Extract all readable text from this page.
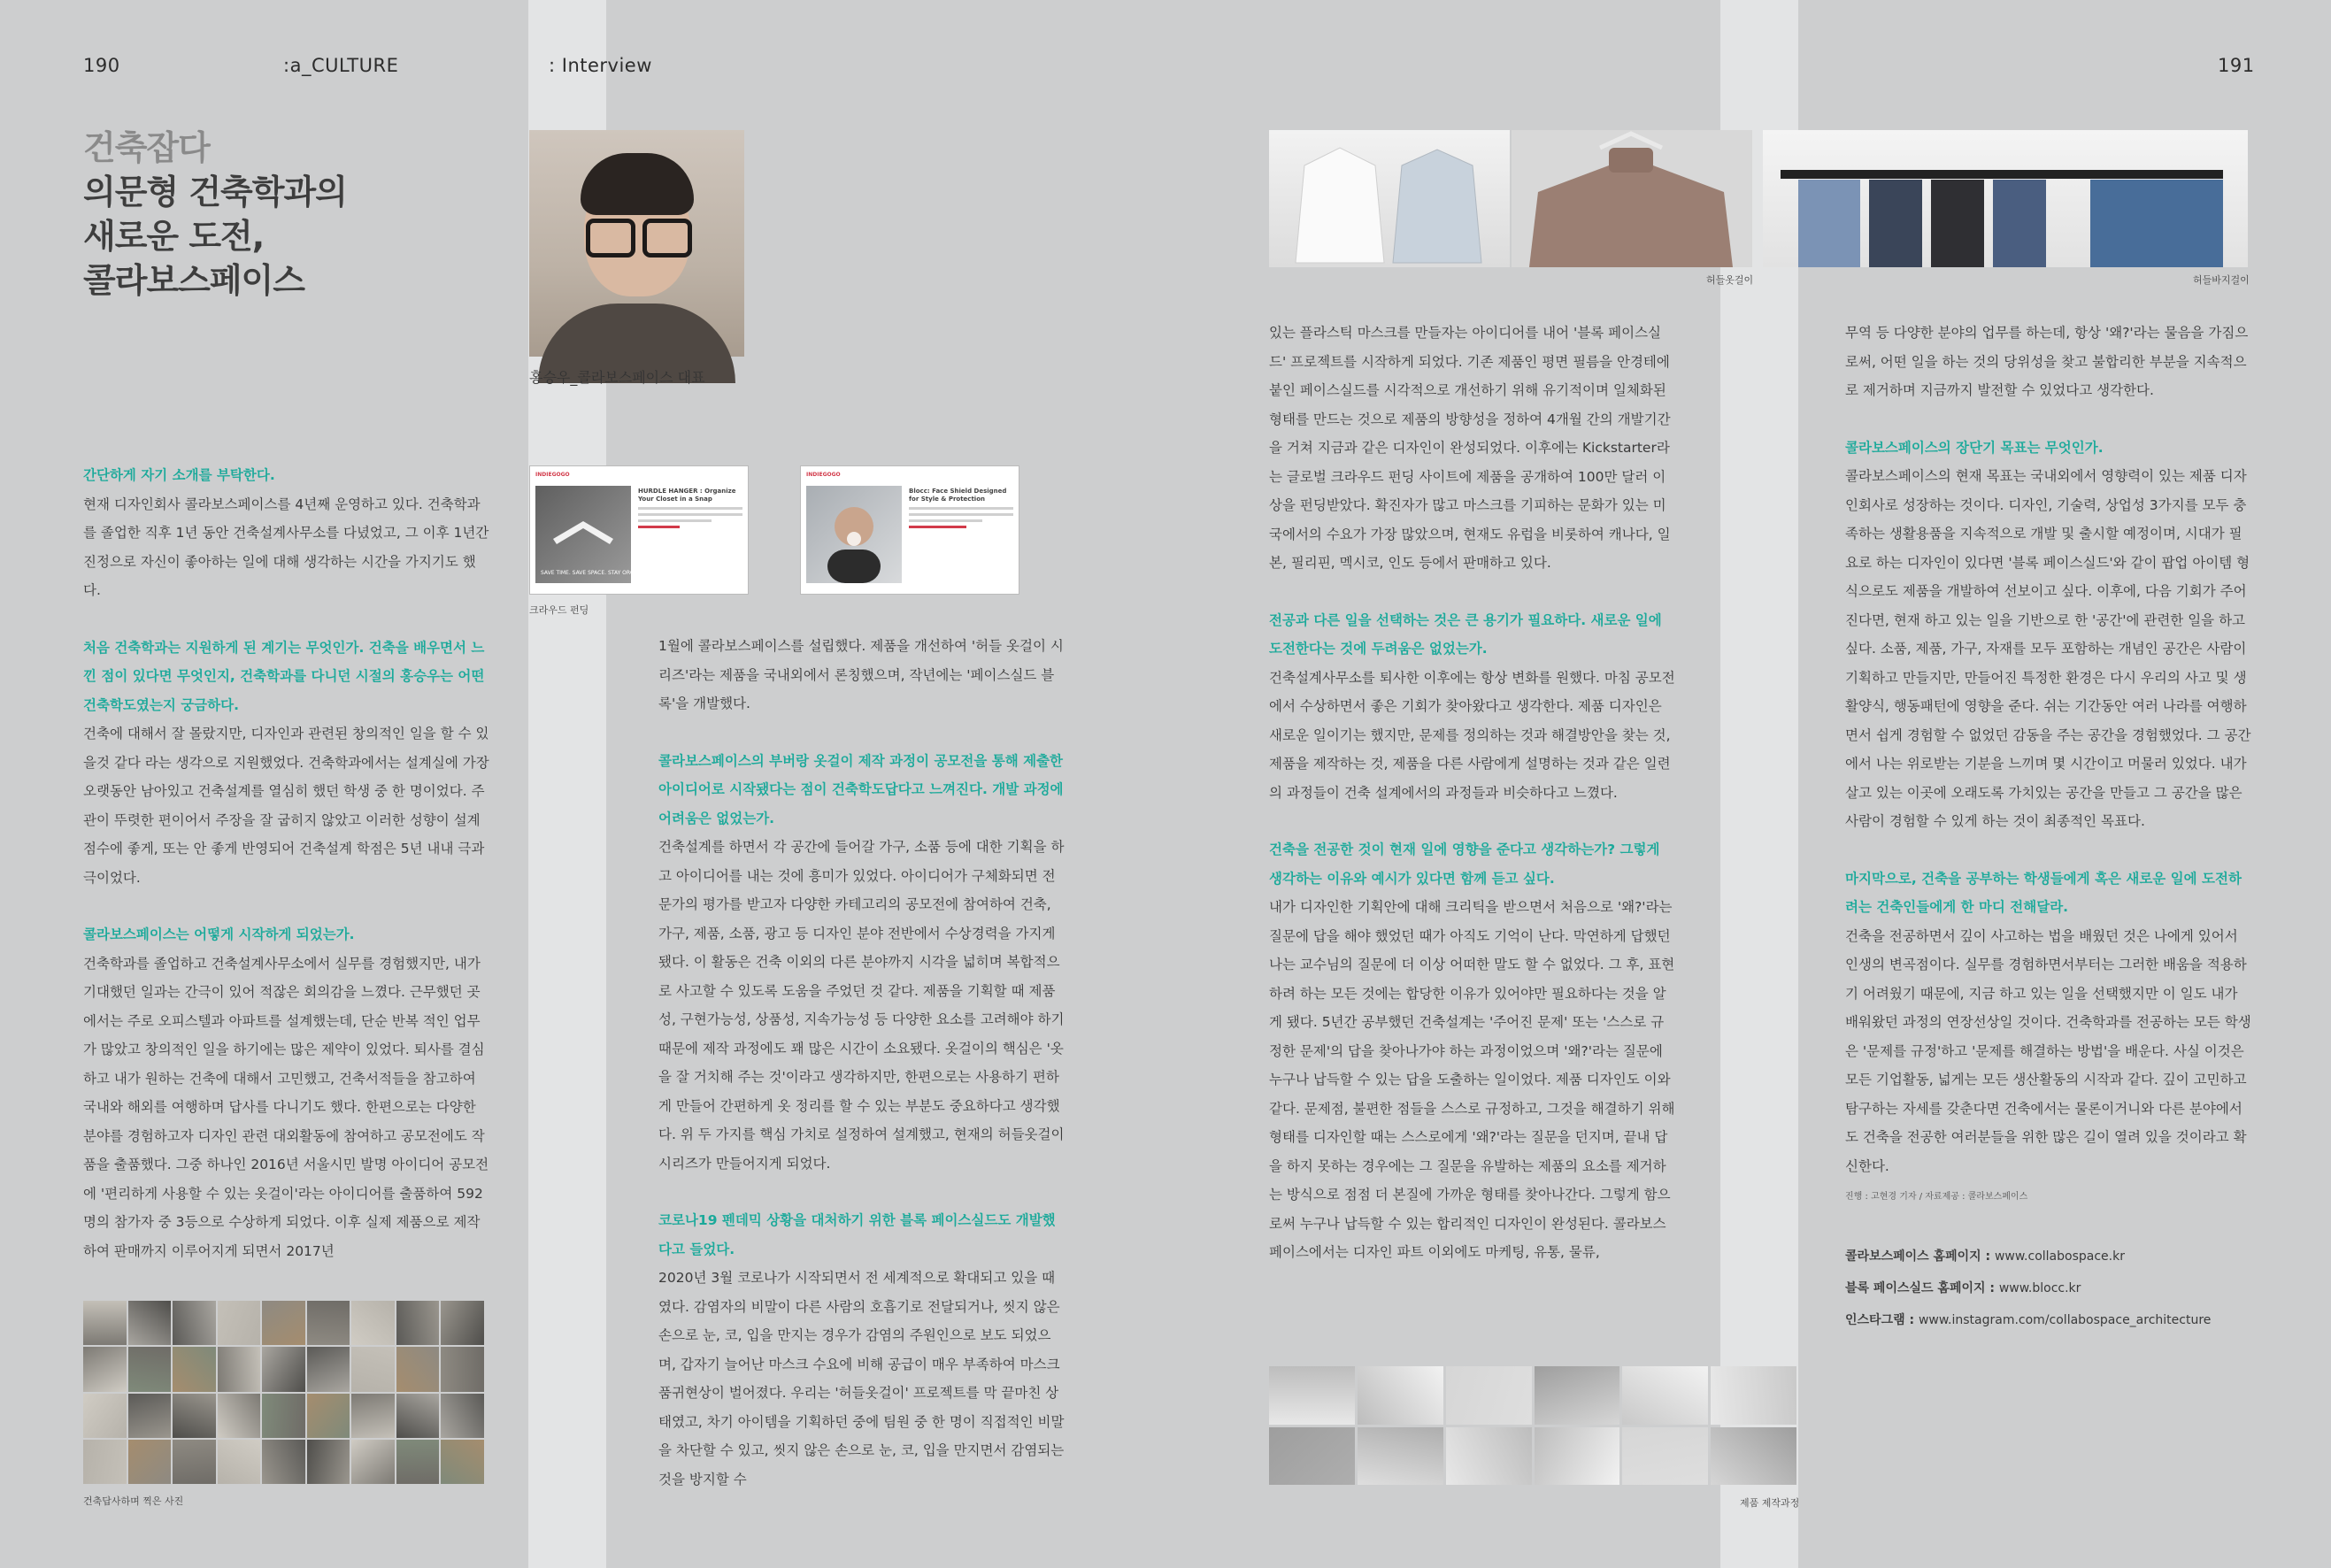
190	:a_CULTURE	: Interview	191
건축잡다
의문형 건축학과의
새로운 도전,
콜라보스페이스
홍승우_콜라보스페이스 대표
INDIEGOGO
SAVE TIME. SAVE SPACE. STAY ORGANIZED.
HURDLE HANGER : Organize Your Closet in a Snap
INDIEGOGO
Blocc: Face Shield Designed for Style & Protection
크라우드 펀딩
간단하게 자기 소개를 부탁한다.
현재 디자인회사 콜라보스페이스를 4년째 운영하고 있다. 건축학과를 졸업한 직후 1년 동안 건축설계사무소를 다녔었고, 그 이후 1년간 진정으로 자신이 좋아하는 일에 대해 생각하는 시간을 가지기도 했다.
처음 건축학과는 지원하게 된 계기는 무엇인가. 건축을 배우면서 느낀 점이 있다면 무엇인지, 건축학과를 다니던 시절의 홍승우는 어떤 건축학도였는지 궁금하다.
건축에 대해서 잘 몰랐지만, 디자인과 관련된 창의적인 일을 할 수 있을것 같다 라는 생각으로 지원했었다. 건축학과에서는 설계실에 가장 오랫동안 남아있고 건축설계를 열심히 했던 학생 중 한 명이었다. 주관이 뚜렷한 편이어서 주장을 잘 굽히지 않았고 이러한 성향이 설계점수에 좋게, 또는 안 좋게 반영되어 건축설계 학점은 5년 내내 극과 극이었다.
콜라보스페이스는 어떻게 시작하게 되었는가.
건축학과를 졸업하고 건축설계사무소에서 실무를 경험했지만, 내가 기대했던 일과는 간극이 있어 적잖은 회의감을 느꼈다. 근무했던 곳에서는 주로 오피스텔과 아파트를 설계했는데, 단순 반복 적인 업무가 많았고 창의적인 일을 하기에는 많은 제약이 있었다. 퇴사를 결심하고 내가 원하는 건축에 대해서 고민했고, 건축서적들을 참고하여 국내와 해외를 여행하며 답사를 다니기도 했다. 한편으로는 다양한 분야를 경험하고자 디자인 관련 대외활동에 참여하고 공모전에도 작품을 출품했다. 그중 하나인 2016년 서울시민 발명 아이디어 공모전에 '편리하게 사용할 수 있는 옷걸이'라는 아이디어를 출품하여 592명의 참가자 중 3등으로 수상하게 되었다. 이후 실제 제품으로 제작하여 판매까지 이루어지게 되면서 2017년
1월에 콜라보스페이스를 설립했다. 제품을 개선하여 '허들 옷걸이 시리즈'라는 제품을 국내외에서 론칭했으며, 작년에는 '페이스실드 블록'을 개발했다.
콜라보스페이스의 부버랑 옷걸이 제작 과정이 공모전을 통해 제출한 아이디어로 시작됐다는 점이 건축학도답다고 느껴진다. 개발 과정에 어려움은 없었는가.
건축설계를 하면서 각 공간에 들어갈 가구, 소품 등에 대한 기획을 하고 아이디어를 내는 것에 흥미가 있었다. 아이디어가 구체화되면 전문가의 평가를 받고자 다양한 카테고리의 공모전에 참여하여 건축, 가구, 제품, 소품, 광고 등 디자인 분야 전반에서 수상경력을 가지게 됐다. 이 활동은 건축 이외의 다른 분야까지 시각을 넓히며 복합적으로 사고할 수 있도록 도움을 주었던 것 같다. 제품을 기획할 때 제품성, 구현가능성, 상품성, 지속가능성 등 다양한 요소를 고려해야 하기 때문에 제작 과정에도 꽤 많은 시간이 소요됐다. 옷걸이의 핵심은 '옷을 잘 거치해 주는 것'이라고 생각하지만, 한편으로는 사용하기 편하게 만들어 간편하게 옷 정리를 할 수 있는 부분도 중요하다고 생각했다. 위 두 가지를 핵심 가치로 설정하여 설계했고, 현재의 허들옷걸이 시리즈가 만들어지게 되었다.
코로나19 펜데믹 상황을 대처하기 위한 블록 페이스실드도 개발했다고 들었다.
2020년 3월 코로나가 시작되면서 전 세계적으로 확대되고 있을 때였다. 감염자의 비말이 다른 사람의 호흡기로 전달되거나, 씻지 않은 손으로 눈, 코, 입을 만지는 경우가 감염의 주원인으로 보도 되었으며, 갑자기 늘어난 마스크 수요에 비해 공급이 매우 부족하여 마스크 품귀현상이 벌어졌다. 우리는 '허들옷걸이' 프로젝트를 막 끝마친 상태였고, 차기 아이템을 기획하던 중에 팀원 중 한 명이 직접적인 비말을 차단할 수 있고, 씻지 않은 손으로 눈, 코, 입을 만지면서 감염되는 것을 방지할 수
있는 플라스틱 마스크를 만들자는 아이디어를 내어 '블록 페이스실드' 프로젝트를 시작하게 되었다. 기존 제품인 평면 필름을 안경테에 붙인 페이스실드를 시각적으로 개선하기 위해 유기적이며 일체화된 형태를 만드는 것으로 제품의 방향성을 정하여 4개월 간의 개발기간을 거쳐 지금과 같은 디자인이 완성되었다. 이후에는 Kickstarter라는 글로벌 크라우드 펀딩 사이트에 제품을 공개하여 100만 달러 이상을 펀딩받았다. 확진자가 많고 마스크를 기피하는 문화가 있는 미국에서의 수요가 가장 많았으며, 현재도 유럽을 비롯하여 캐나다, 일본, 필리핀, 멕시코, 인도 등에서 판매하고 있다.
전공과 다른 일을 선택하는 것은 큰 용기가 필요하다. 새로운 일에 도전한다는 것에 두려움은 없었는가.
건축설계사무소를 퇴사한 이후에는 항상 변화를 원했다. 마침 공모전에서 수상하면서 좋은 기회가 찾아왔다고 생각한다. 제품 디자인은 새로운 일이기는 했지만, 문제를 정의하는 것과 해결방안을 찾는 것, 제품을 제작하는 것, 제품을 다른 사람에게 설명하는 것과 같은 일련의 과정들이 건축 설계에서의 과정들과 비슷하다고 느꼈다.
건축을 전공한 것이 현재 일에 영향을 준다고 생각하는가? 그렇게 생각하는 이유와 예시가 있다면 함께 듣고 싶다.
내가 디자인한 기획안에 대해 크리틱을 받으면서 처음으로 '왜?'라는 질문에 답을 해야 했었던 때가 아직도 기억이 난다. 막연하게 답했던 나는 교수님의 질문에 더 이상 어떠한 말도 할 수 없었다. 그 후, 표현하려 하는 모든 것에는 합당한 이유가 있어야만 필요하다는 것을 알게 됐다. 5년간 공부했던 건축설계는 '주어진 문제' 또는 '스스로 규정한 문제'의 답을 찾아나가야 하는 과정이었으며 '왜?'라는 질문에 누구나 납득할 수 있는 답을 도출하는 일이었다. 제품 디자인도 이와 같다. 문제점, 불편한 점들을 스스로 규정하고, 그것을 해결하기 위해 형태를 디자인할 때는 스스로에게 '왜?'라는 질문을 던지며, 끝내 답을 하지 못하는 경우에는 그 질문을 유발하는 제품의 요소를 제거하는 방식으로 점점 더 본질에 가까운 형태를 찾아나간다. 그렇게 함으로써 누구나 납득할 수 있는 합리적인 디자인이 완성된다. 콜라보스페이스에서는 디자인 파트 이외에도 마케팅, 유통, 물류,
무역 등 다양한 분야의 업무를 하는데, 항상 '왜?'라는 물음을 가짐으로써, 어떤 일을 하는 것의 당위성을 찾고 불합리한 부분을 지속적으로 제거하며 지금까지 발전할 수 있었다고 생각한다.
콜라보스페이스의 장단기 목표는 무엇인가.
콜라보스페이스의 현재 목표는 국내외에서 영향력이 있는 제품 디자인회사로 성장하는 것이다. 디자인, 기술력, 상업성 3가지를 모두 충족하는 생활용품을 지속적으로 개발 및 출시할 예정이며, 시대가 필요로 하는 디자인이 있다면 '블록 페이스실드'와 같이 팝업 아이템 형식으로도 제품을 개발하여 선보이고 싶다. 이후에, 다음 기회가 주어진다면, 현재 하고 있는 일을 기반으로 한 '공간'에 관련한 일을 하고 싶다. 소품, 제품, 가구, 자재를 모두 포함하는 개념인 공간은 사람이 기획하고 만들지만, 만들어진 특정한 환경은 다시 우리의 사고 및 생활양식, 행동패턴에 영향을 준다. 쉬는 기간동안 여러 나라를 여행하면서 쉽게 경험할 수 없었던 감동을 주는 공간을 경험했었다. 그 공간에서 나는 위로받는 기분을 느끼며 몇 시간이고 머물러 있었다. 내가 살고 있는 이곳에 오래도록 가치있는 공간을 만들고 그 공간을 많은 사람이 경험할 수 있게 하는 것이 최종적인 목표다.
마지막으로, 건축을 공부하는 학생들에게 혹은 새로운 일에 도전하려는 건축인들에게 한 마디 전해달라.
건축을 전공하면서 깊이 사고하는 법을 배웠던 것은 나에게 있어서 인생의 변곡점이다. 실무를 경험하면서부터는 그러한 배움을 적용하기 어려웠기 때문에, 지금 하고 있는 일을 선택했지만 이 일도 내가 배워왔던 과정의 연장선상일 것이다. 건축학과를 전공하는 모든 학생은 '문제를 규정'하고 '문제를 해결하는 방법'을 배운다. 사실 이것은 모든 기업활동, 넓게는 모든 생산활동의 시작과 같다. 깊이 고민하고 탐구하는 자세를 갖춘다면 건축에서는 물론이거니와 다른 분야에서도 건축을 전공한 여러분들을 위한 많은 길이 열려 있을 것이라고 확신한다.
진행 : 고현경 기자 / 자료제공 : 콜라보스페이스
콜라보스페이스 홈페이지 : www.collabospace.kr
블록 페이스실드 홈페이지 : www.blocc.kr
인스타그램 : www.instagram.com/collabospace_architecture
건축답사하며 찍은 사진
허들옷걸이	허들바지걸이
제품 제작과정
